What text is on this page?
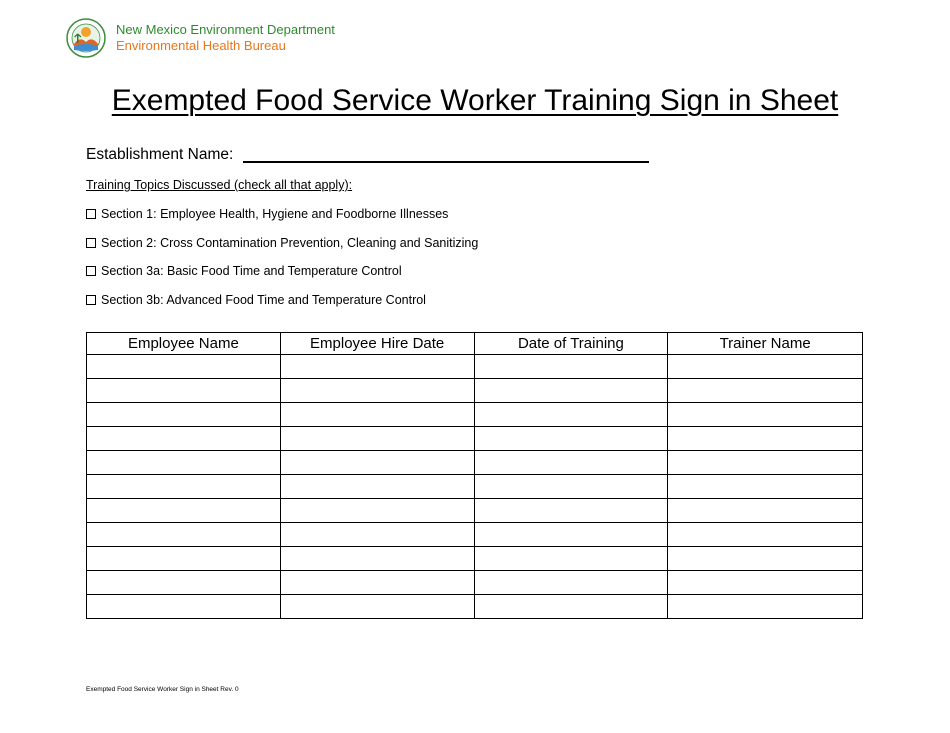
New Mexico Environment Department
Environmental Health Bureau
Exempted Food Service Worker Training Sign in Sheet
Establishment Name:
Training Topics Discussed (check all that apply):
Section 1: Employee Health, Hygiene and Foodborne Illnesses
Section 2: Cross Contamination Prevention, Cleaning and Sanitizing
Section 3a: Basic Food Time and Temperature Control
Section 3b: Advanced Food Time and Temperature Control
Employee Name	Employee Hire Date	Date of Training	Trainer Name

Exempted Food Service Worker Sign in Sheet Rev. 0
